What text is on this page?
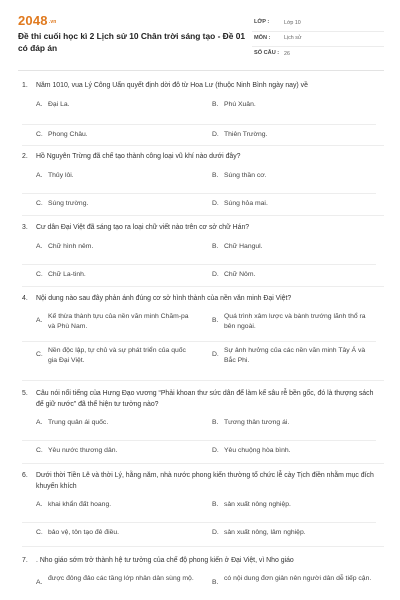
2048.vn
Đề thi cuối học kì 2 Lịch sử 10 Chân trời sáng tạo - Đề 01 có đáp án
LỚP :	Lớp 10
MÔN :	Lịch sử
SỐ CÂU : 26
1. Năm 1010, vua Lý Công Uẩn quyết định dời đô từ Hoa Lư (thuộc Ninh Bình ngày nay) về
A. Đại La.	B. Phú Xuân.
C. Phong Châu.	D. Thiên Trường.
2. Hồ Nguyên Trừng đã chế tạo thành công loại vũ khí nào dưới đây?
A. Thủy lôi.	B. Súng thần cơ.
C. Súng trường.	D. Súng hỏa mai.
3. Cư dân Đại Việt đã sáng tạo ra loại chữ viết nào trên cơ sở chữ Hán?
A. Chữ hình nêm.	B. Chữ Hangul.
C. Chữ La-tinh.	D. Chữ Nôm.
4. Nội dung nào sau đây phản ánh đúng cơ sở hình thành của nền văn minh Đại Việt?
A.
Kế thừa thành tựu của nền văn minh Chăm-pa và Phù Nam.
B.
Quá trình xâm lược và bành trướng lãnh thổ ra bên ngoài.
C.
Nền độc lập, tự chủ và sự phát triển của quốc gia Đại Việt.
D.
Sự ảnh hưởng của các nền văn minh Tây Á và Bắc Phi.
5. Câu nói nổi tiếng của Hưng Đạo vương “Phải khoan thư sức dân để làm kế sâu rễ bền gốc, đó là thượng sách để giữ nước” đã thể hiện tư tưởng nào?
A. Trung quân ái quốc.	B. Tương thân tương ái.
C. Yêu nước thương dân.	D. Yêu chuộng hòa bình.
6. Dưới thời Tiền Lê và thời Lý, hằng năm, nhà nước phong kiến thường tổ chức lễ cày Tịch điền nhằm mục đích khuyến khích
A. khai khẩn đất hoang.	B. sản xuất nông nghiệp.
C. bảo vệ, tôn tạo đê điều.	D. sản xuất nông, lâm nghiệp.
7. . Nho giáo sớm trở thành hệ tư tưởng của chế độ phong kiến ở Đại Việt, vì Nho giáo
A.
được đông đảo các tầng lớp nhân dân sùng mộ.
B.
có nội dung đơn giản nên người dân dễ tiếp cận.
